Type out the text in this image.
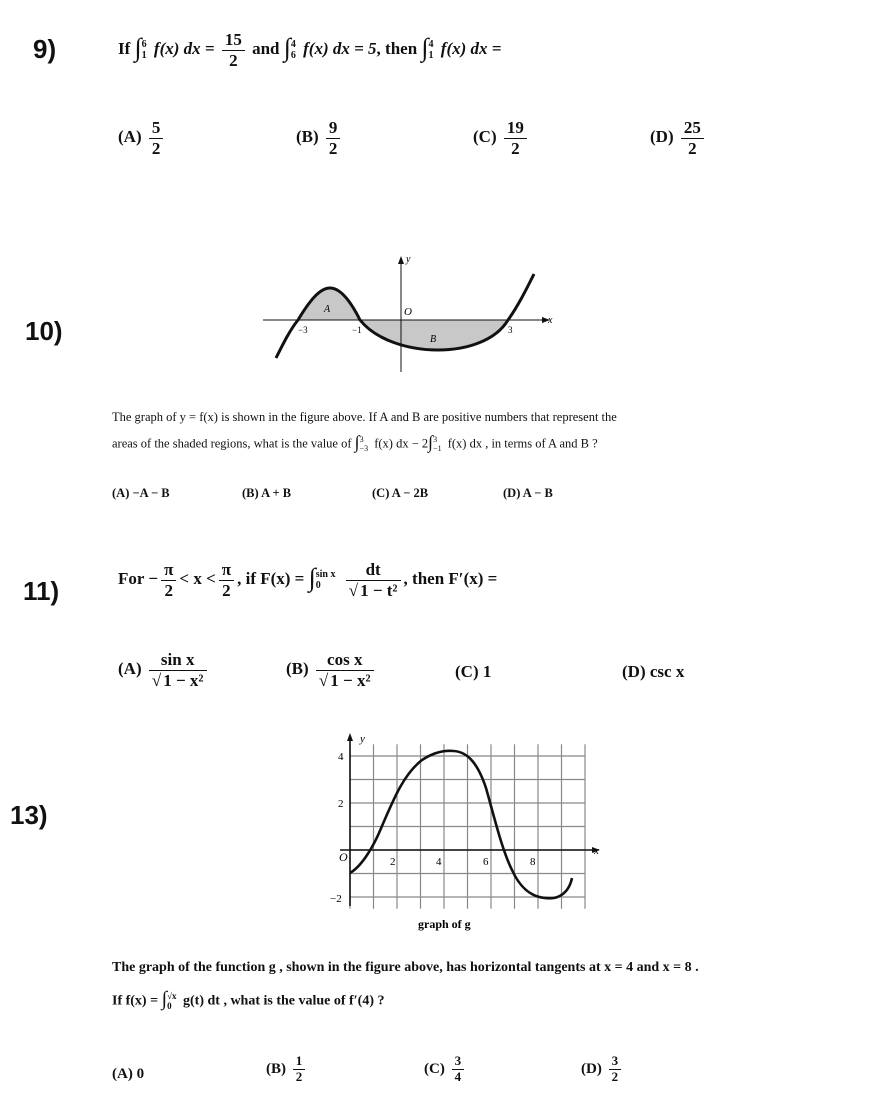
9)	If ∫ 6
1 f(x) dx = $\frac{15}{2}$ and ∫ 4
6 f(x) dx = 5, then ∫ 4
1 f(x) dx =
$(A) \frac{5}{2}$	$(B) \frac{9}{2}$	$(C) \frac{19}{2}$	$(D) \frac{25}{2}$
10)
y
x
O
A
B
−3	−1	3
The graph of y = f(x) is shown in the figure above. If A and B are positive numbers that represent the
areas of the shaded regions, what is the value of ∫ 3
−3 f(x) dx − 2∫ 3
−1 f(x) dx , in terms of A and B ?
(A) −A − B	(B) A + B	(C) A − 2B	(D) A − B
11)	For − $\frac{\pi}{2} < x < \frac{\pi}{2}$ , if F(x) = ∫ sin x
0
	$\frac{dt}{\text{√ 1 − t²}}$ , then F′(x) =
$(A) \frac{\text{sin x}}{\text{√ 1 − x²}}$	$(B) \frac{\text{cos x}}{\text{√ 1 − x²}}$	(C) 1	(D) csc x
13)
y
x
O
4
2
−2
2	4	6	8
graph of g
The graph of the function g , shown in the figure above, has horizontal tangents at x = 4 and x = 8 .
If f(x) = ∫ √x
0 g(t) dt , what is the value of f′(4) ?
(A) 0	$(B) \frac{1}{2}$	$(C) \frac{3}{4}$	$(D) \frac{3}{2}$
